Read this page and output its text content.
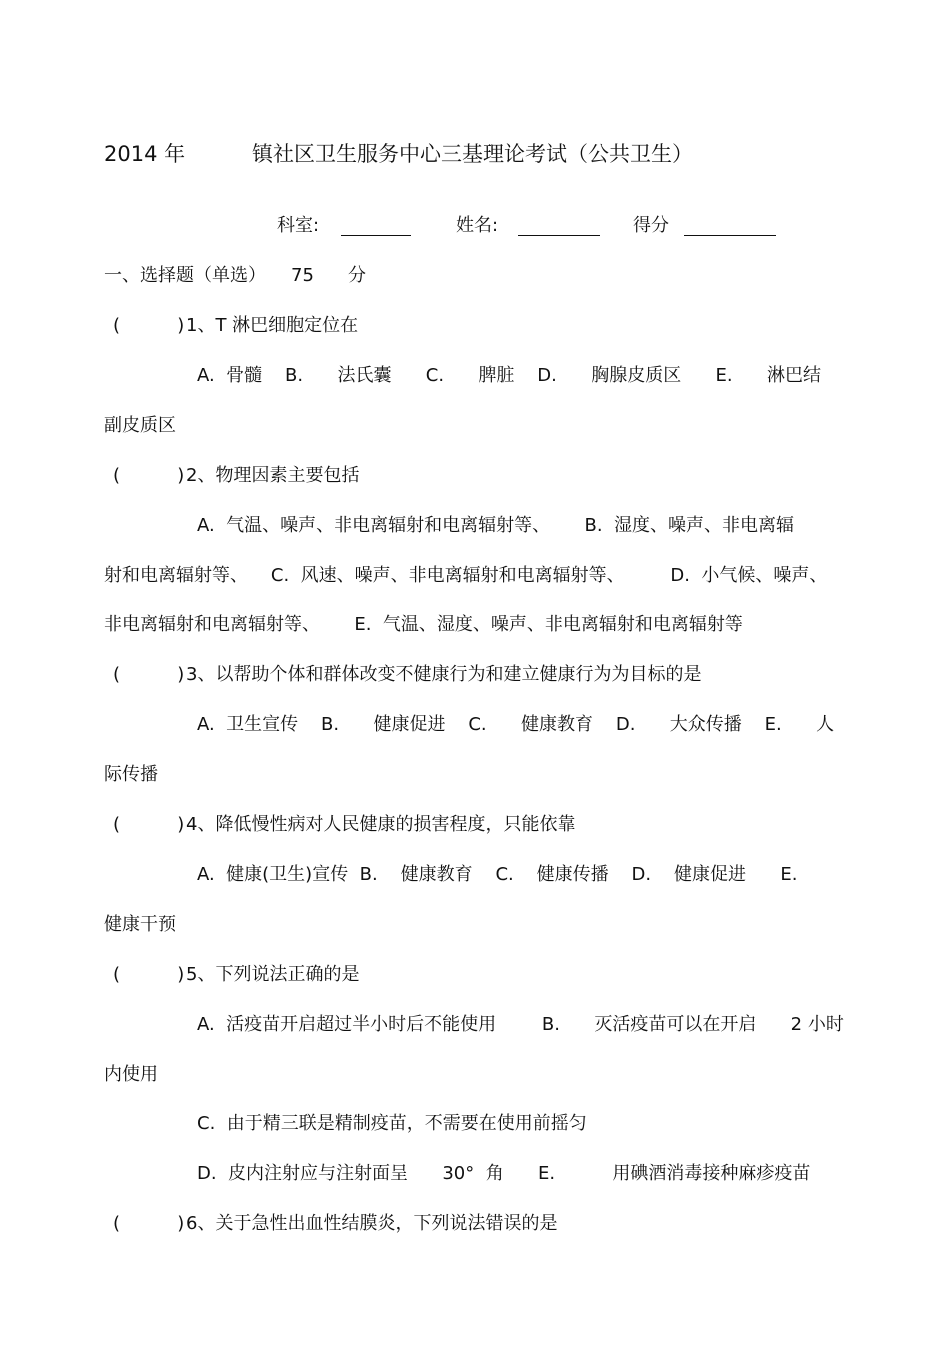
2014 年	镇社区卫生服务中心三基理论考试（公共卫生）
科室:	姓名:	得分
一、选择题（单选） 75 分
(          ) 1、T 淋巴细胞定位在
A.  骨髓    B.      法氏囊      C.      脾脏    D.      胸腺皮质区      E.      淋巴结
副皮质区
(          ) 2、物理因素主要包括
A.  气温、噪声、非电离辐射和电离辐射等、      B.  湿度、噪声、非电离辐
射和电离辐射等、    C.  风速、噪声、非电离辐射和电离辐射等、        D.  小气候、噪声、
非电离辐射和电离辐射等、      E.  气温、湿度、噪声、非电离辐射和电离辐射等
(          ) 3、以帮助个体和群体改变不健康行为和建立健康行为为目标的是
A.  卫生宣传    B.      健康促进    C.      健康教育    D.      大众传播    E.      人
际传播
(          ) 4、降低慢性病对人民健康的损害程度，只能依靠
A.  健康(卫生)宣传  B.    健康教育    C.    健康传播    D.    健康促进      E.
健康干预
(          ) 5、下列说法正确的是
A.  活疫苗开启超过半小时后不能使用        B.      灭活疫苗可以在开启      2 小时
内使用
C.  由于精三联是精制疫苗，不需要在使用前摇匀
D.  皮内注射应与注射面呈      30°  角      E.          用碘酒消毒接种麻疹疫苗
(          ) 6、关于急性出血性结膜炎，下列说法错误的是
